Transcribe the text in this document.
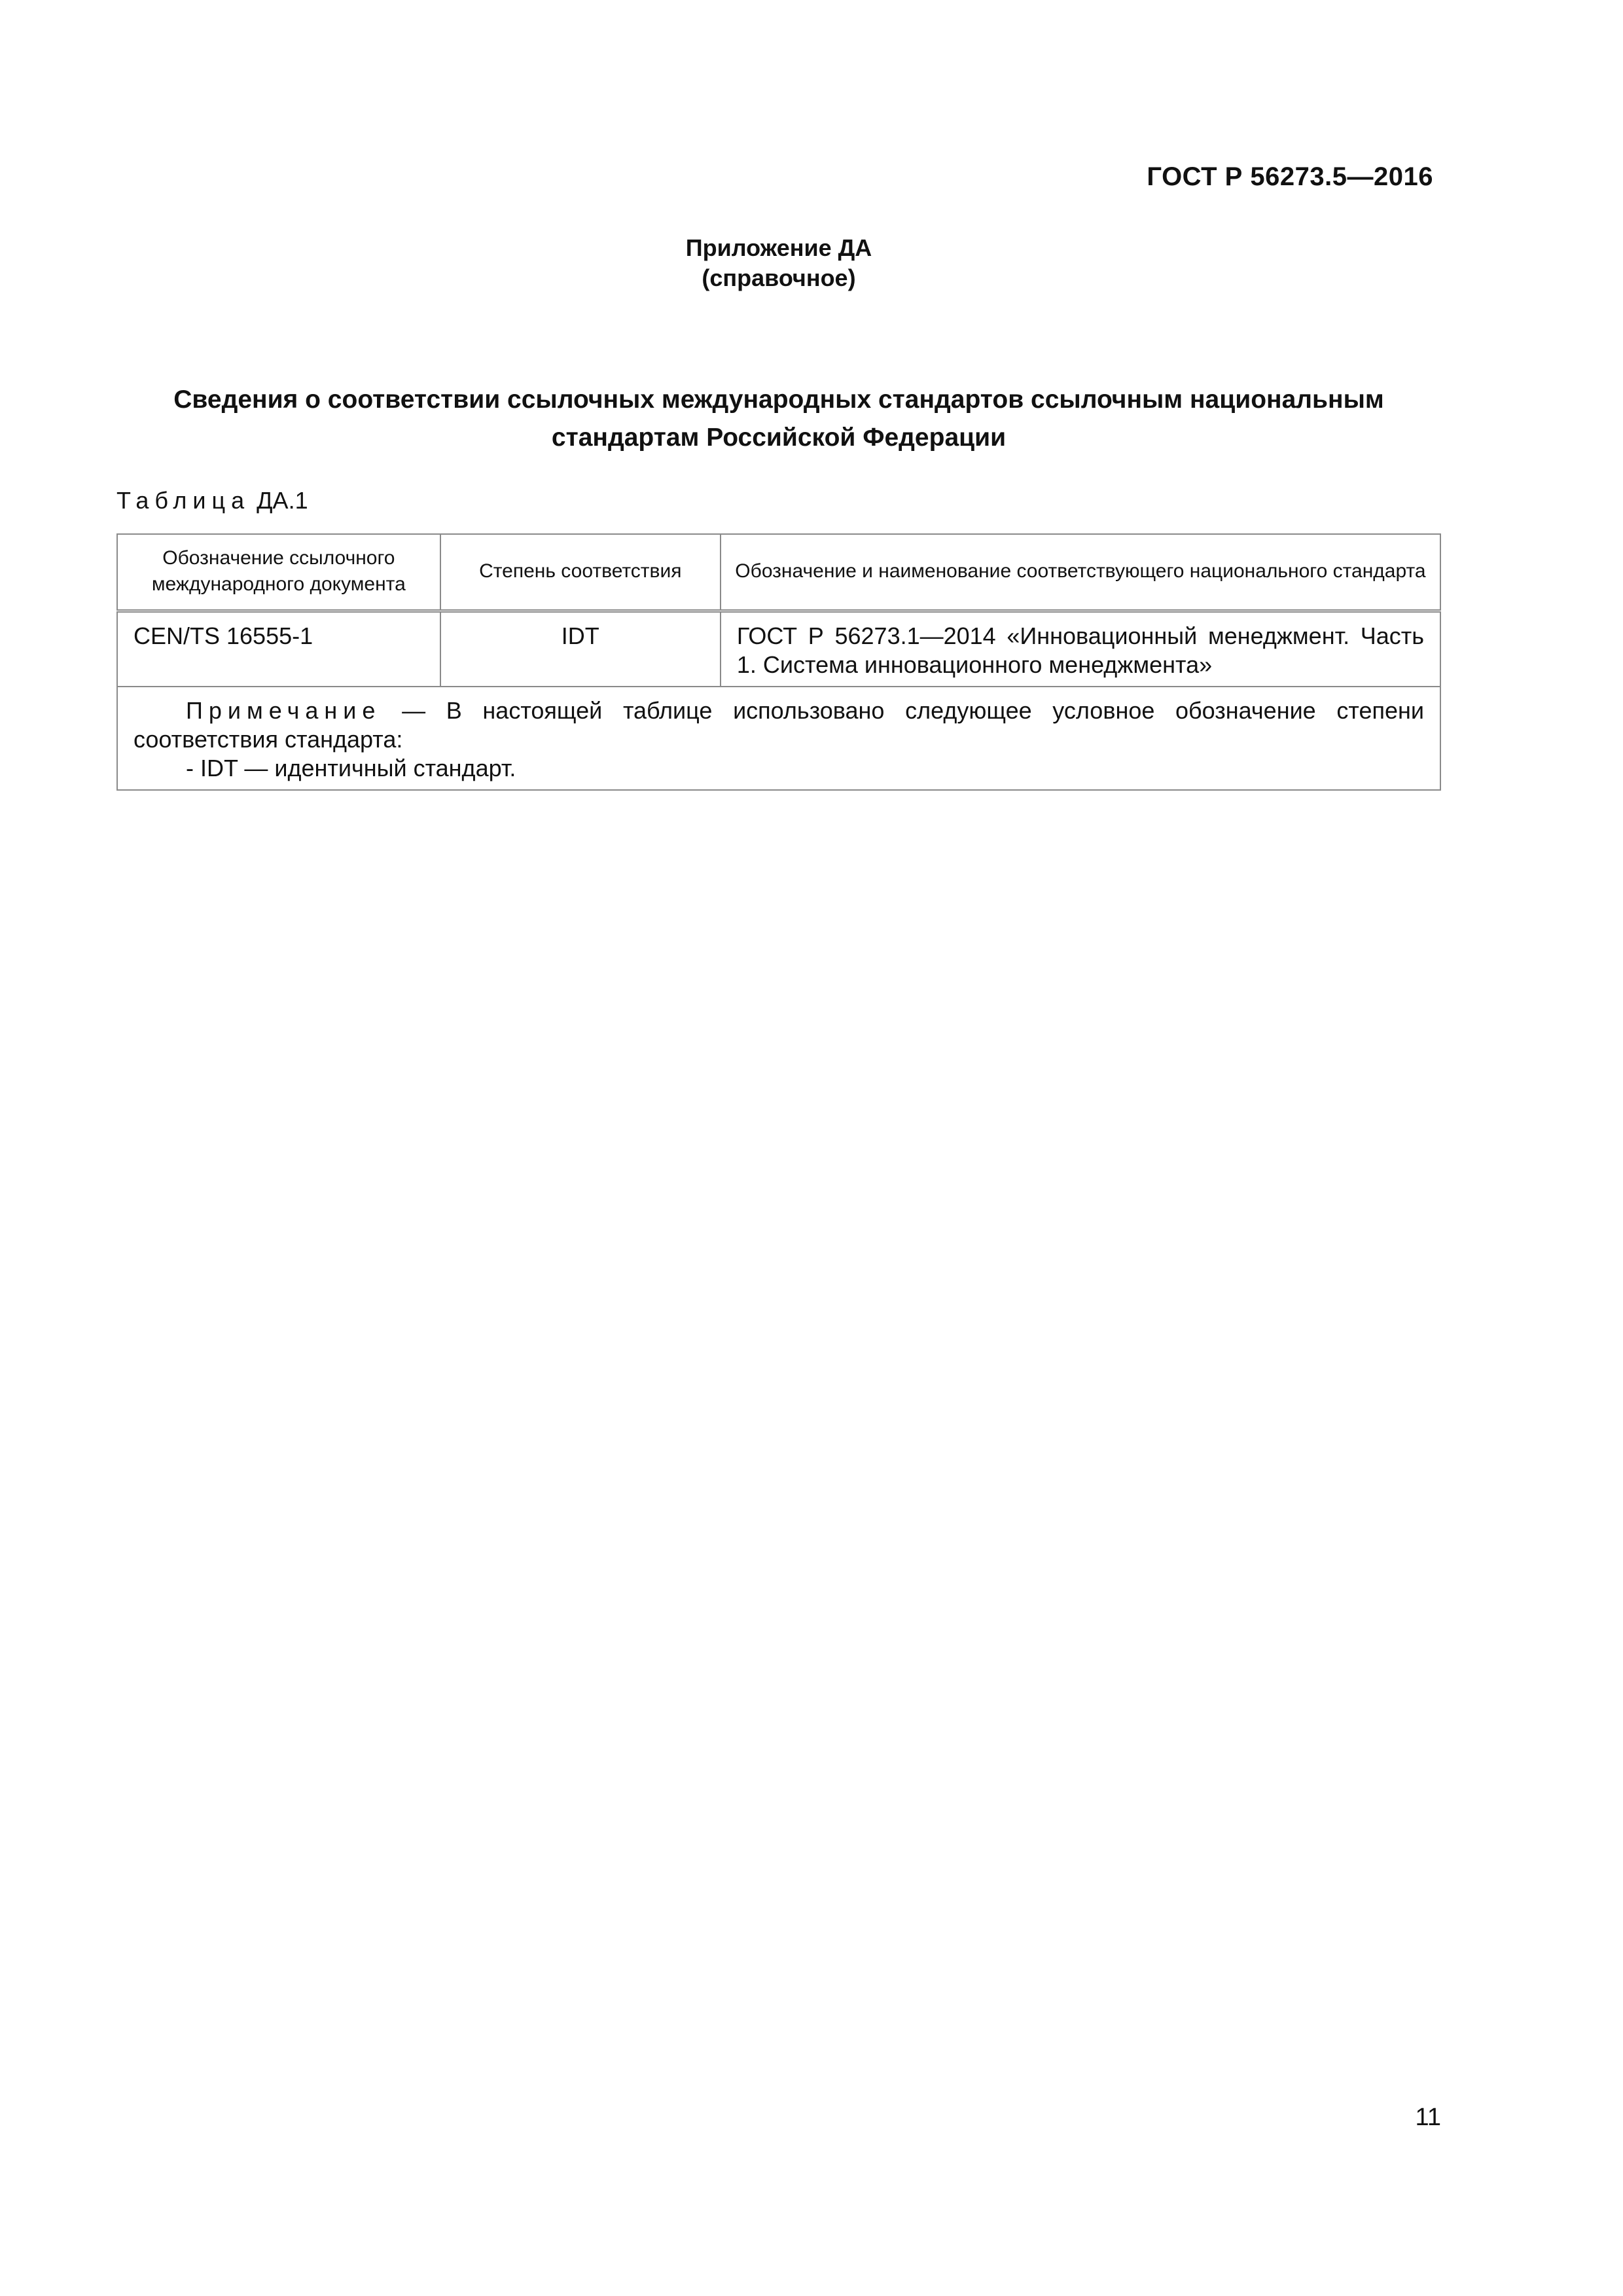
ГОСТ Р 56273.5—2016
Приложение ДА
(справочное)
Сведения о соответствии ссылочных международных стандартов ссылочным национальным стандартам Российской Федерации
Таблица ДА.1
Обозначение ссылочного международного документа	Степень соответствия	Обозначение и наименование соответствующего национального стандарта
CEN/TS 16555-1	IDT	ГОСТ Р 56273.1—2014 «Инновационный менеджмент. Часть 1. Система инновационного менеджмента»

Примечание — В настоящей таблице использовано следующее условное обозначение степени соответствия стандарта:
- IDT — идентичный стандарт.		
11
